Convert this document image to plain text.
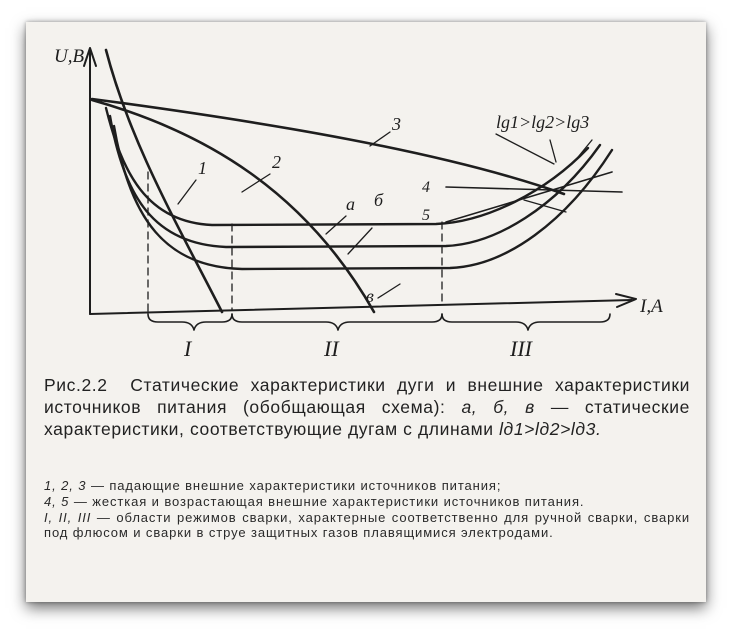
U,B
I,A
1	2
3
4
5
a б
в
lg1>lg2>lg3
I	II	III

Рис.2.2 Статические характеристики дуги и внешние характеристики источников питания (обобщающая схема): а, б, в — статические характеристики, соответствующие дугам с длинами lд1>lд2>lд3.

1, 2, 3 — падающие внешние характеристики источников питания;

4, 5 — жесткая и возрастающая внешние характеристики источников питания.

I, II, III — области режимов сварки, характерные соответственно для ручной сварки, сварки под флюсом и сварки в струе защитных газов плавящимися электродами.
